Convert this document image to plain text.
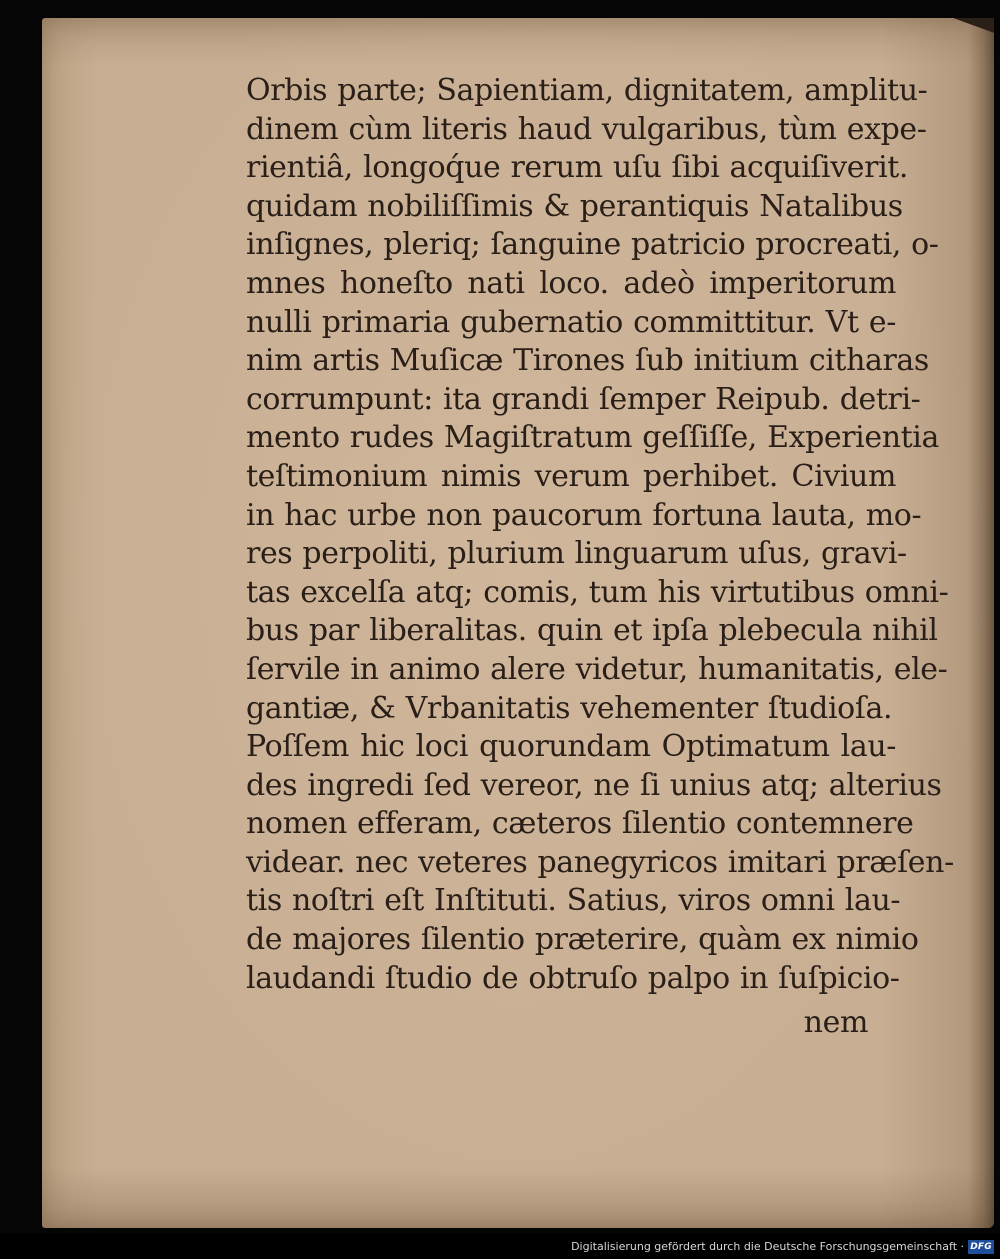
Orbis parte; Sapientiam, dignitatem, amplitu-
dinem cùm literis haud vulgaribus, tùm expe-
rientiâ, longoq́ue rerum uſu ſibi acquiſiverit.
quidam nobiliſſimis & perantiquis Natalibus
inſignes, pleriq; ſanguine patricio procreati, o-
mnes honeſto nati loco. adeò imperitorum
nulli primaria gubernatio committitur. Vt e-
nim artis Muſicæ Tirones ſub initium citharas
corrumpunt: ita grandi ſemper Reipub. detri-
mento rudes Magiſtratum geſſiſſe, Experientia
teſtimonium nimis verum perhibet. Civium
in hac urbe non paucorum fortuna lauta, mo-
res perpoliti, plurium linguarum uſus, gravi-
tas excelſa atq; comis, tum his virtutibus omni-
bus par liberalitas. quin et ipſa plebecula nihil
ſervile in animo alere videtur, humanitatis, ele-
gantiæ, & Vrbanitatis vehementer ſtudioſa.
Poſſem hic loci quorundam Optimatum lau-
des ingredi ſed vereor, ne ſi unius atq; alterius
nomen efferam, cæteros ſilentio contemnere
videar. nec veteres panegyricos imitari præſen-
tis noſtri eſt Inſtituti. Satius, viros omni lau-
de majores ſilentio præterire, quàm ex nimio
laudandi ſtudio de obtruſo palpo in ſuſpicio-
nem
Digitalisierung gefördert durch die Deutsche Forschungsgemeinschaft · DFG
